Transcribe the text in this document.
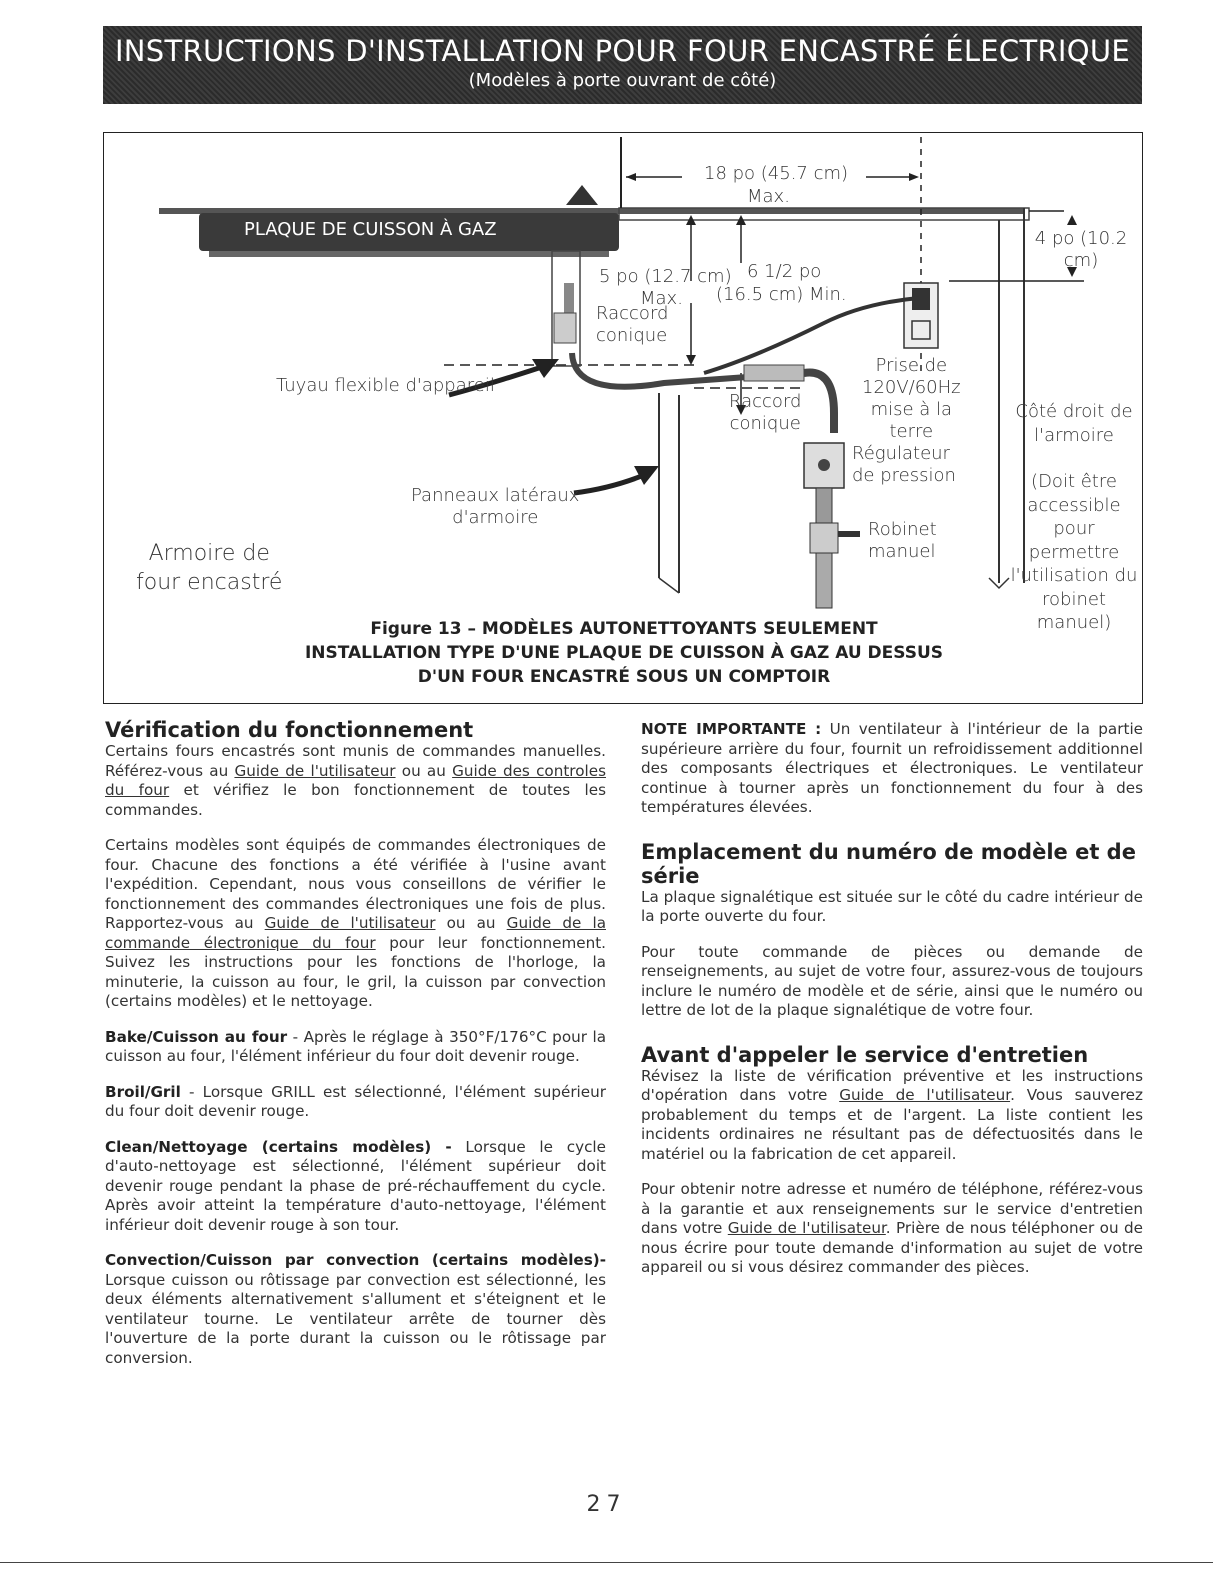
INSTRUCTIONS D'INSTALLATION POUR FOUR ENCASTRÉ ÉLECTRIQUE
(Modèles à porte ouvrant de côté)
18 po (45.7 cm)
Max.
PLAQUE DE CUISSON À GAZ	4 po (10.2 cm)
5 po (12.7 cm)
Max.
6 1/2 po
(16.5 cm) Min.
Raccord
conique
Tuyau flexible d'appareil
Prise de
120V/60Hz
mise à la
terre
Raccord
conique
Régulateur
de pression
Panneaux latéraux
d'armoire
Robinet
manuel
Armoire de
four encastré
Côté droit de
l'armoire
(Doit être
accessible
pour
permettre
l'utilisation du
robinet
manuel)
Figure 13 – MODÈLES AUTONETTOYANTS SEULEMENT
INSTALLATION TYPE D'UNE PLAQUE DE CUISSON À GAZ AU DESSUS
D'UN FOUR ENCASTRÉ SOUS UN COMPTOIR
Vérification du fonctionnement

Certains fours encastrés sont munis de commandes manuelles. Référez-vous au Guide de l'utilisateur ou au Guide des controles du four et vérifiez le bon fonctionnement de toutes les commandes.

Certains modèles sont équipés de commandes électroniques de four. Chacune des fonctions a été vérifiée à l'usine avant l'expédition. Cependant, nous vous conseillons de vérifier le fonctionnement des commandes électroniques une fois de plus. Rapportez-vous au Guide de l'utilisateur ou au Guide de la commande électronique du four pour leur fonctionnement. Suivez les instructions pour les fonctions de l'horloge, la minuterie, la cuisson au four, le gril, la cuisson par convection (certains modèles) et le nettoyage.

Bake/Cuisson au four - Après le réglage à 350°F/176°C pour la cuisson au four, l'élément inférieur du four doit devenir rouge.

Broil/Gril - Lorsque GRILL est sélectionné, l'élément supérieur du four doit devenir rouge.

Clean/Nettoyage (certains modèles) - Lorsque le cycle d'auto-nettoyage est sélectionné, l'élément supérieur doit devenir rouge pendant la phase de pré-réchauffement du cycle. Après avoir atteint la température d'auto-nettoyage, l'élément inférieur doit devenir rouge à son tour.

Convection/Cuisson par convection (certains modèles)- Lorsque cuisson ou rôtissage par convection est sélectionné, les deux éléments alternativement s'allument et s'éteignent et le ventilateur tourne. Le ventilateur arrête de tourner dès l'ouverture de la porte durant la cuisson ou le rôtissage par conversion.

NOTE IMPORTANTE : Un ventilateur à l'intérieur de la partie supérieure arrière du four, fournit un refroidissement additionnel des composants électriques et électroniques. Le ventilateur continue à tourner après un fonctionnement du four à des températures élevées.

Emplacement du numéro de modèle et de série

La plaque signalétique est située sur le côté du cadre intérieur de la porte ouverte du four.

Pour toute commande de pièces ou demande de renseignements, au sujet de votre four, assurez-vous de toujours inclure le numéro de modèle et de série, ainsi que le numéro ou lettre de lot de la plaque signalétique de votre four.

Avant d'appeler le service d'entretien

Révisez la liste de vérification préventive et les instructions d'opération dans votre Guide de l'utilisateur. Vous sauverez probablement du temps et de l'argent. La liste contient les incidents ordinaires ne résultant pas de défectuosités dans le matériel ou la fabrication de cet appareil.

Pour obtenir notre adresse et numéro de téléphone, référez-vous à la garantie et aux renseignements sur le service d'entretien dans votre Guide de l'utilisateur. Prière de nous téléphoner ou de nous écrire pour toute demande d'information au sujet de votre appareil ou si vous désirez commander des pièces.

27
